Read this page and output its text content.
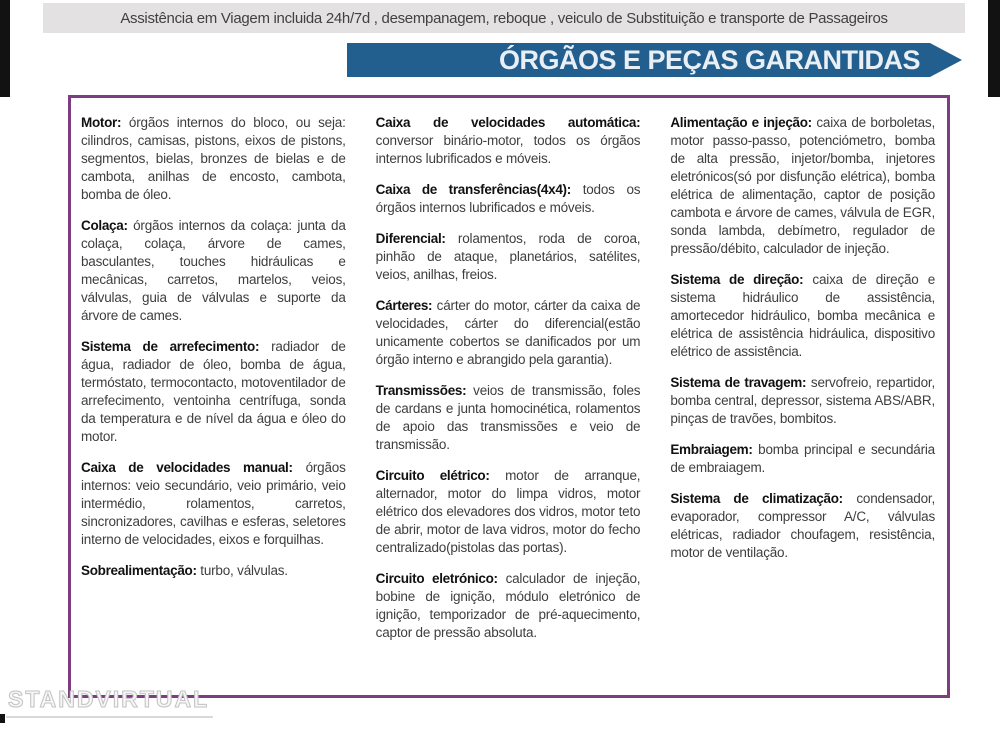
Assistência em Viagem incluida 24h/7d , desempanagem, reboque , veiculo de Substituição e transporte de Passageiros
ÓRGÃOS E PEÇAS GARANTIDAS

Motor: órgãos internos do bloco, ou seja: cilindros, camisas, pistons, eixos de pistons, segmentos, bielas, bronzes de bielas e de cambota, anilhas de encosto, cambota, bomba de óleo.

Colaça: órgãos internos da colaça: junta da colaça, colaça, árvore de cames, basculantes, touches hidráulicas e mecânicas, carretos, martelos, veios, válvulas, guia de válvulas e suporte da árvore de cames.

Sistema de arrefecimento: radiador de água, radiador de óleo, bomba de água, termóstato, termocontacto, motoventilador de arrefecimento, ventoinha centrífuga, sonda da temperatura e de nível da água e óleo do motor.

Caixa de velocidades manual: órgãos internos: veio secundário, veio primário, veio intermédio, rolamentos, carretos, sincronizadores, cavilhas e esferas, seletores interno de velocidades, eixos e forquilhas.

Sobrealimentação: turbo, válvulas.

Caixa de velocidades automática: conversor binário-motor, todos os órgãos internos lubrificados e móveis.

Caixa de transferências(4x4): todos os órgãos internos lubrificados e móveis.

Diferencial: rolamentos, roda de coroa, pinhão de ataque, planetários, satélites, veios, anilhas, freios.

Cárteres: cárter do motor, cárter da caixa de velocidades, cárter do diferencial(estão unicamente cobertos se danificados por um órgão interno e abrangido pela garantia).

Transmissões: veios de transmissão, foles de cardans e junta homocinética, rolamentos de apoio das transmissões e veio de transmissão.

Circuito elétrico: motor de arranque, alternador, motor do limpa vidros, motor elétrico dos elevadores dos vidros, motor teto de abrir, motor de lava vidros, motor do fecho centralizado(pistolas das portas).

Circuito eletrónico: calculador de injeção, bobine de ignição, módulo eletrónico de ignição, temporizador de pré-aquecimento, captor de pressão absoluta.

Alimentação e injeção: caixa de borboletas, motor passo-passo, potenciómetro, bomba de alta pressão, injetor/bomba, injetores eletrónicos(só por disfunção elétrica), bomba elétrica de alimentação, captor de posição cambota e árvore de cames, válvula de EGR, sonda lambda, debímetro, regulador de pressão/débito, calculador de injeção.

Sistema de direção: caixa de direção e sistema hidráulico de assistência, amortecedor hidráulico, bomba mecânica e elétrica de assistência hidráulica, dispositivo elétrico de assistência.

Sistema de travagem: servofreio, repartidor, bomba central, depressor, sistema ABS/ABR, pinças de travões, bombitos.

Embraiagem: bomba principal e secundária de embraiagem.

Sistema de climatização: condensador, evaporador, compressor A/C, válvulas elétricas, radiador choufagem, resistência, motor de ventilação.

STANDVIRTUAL
